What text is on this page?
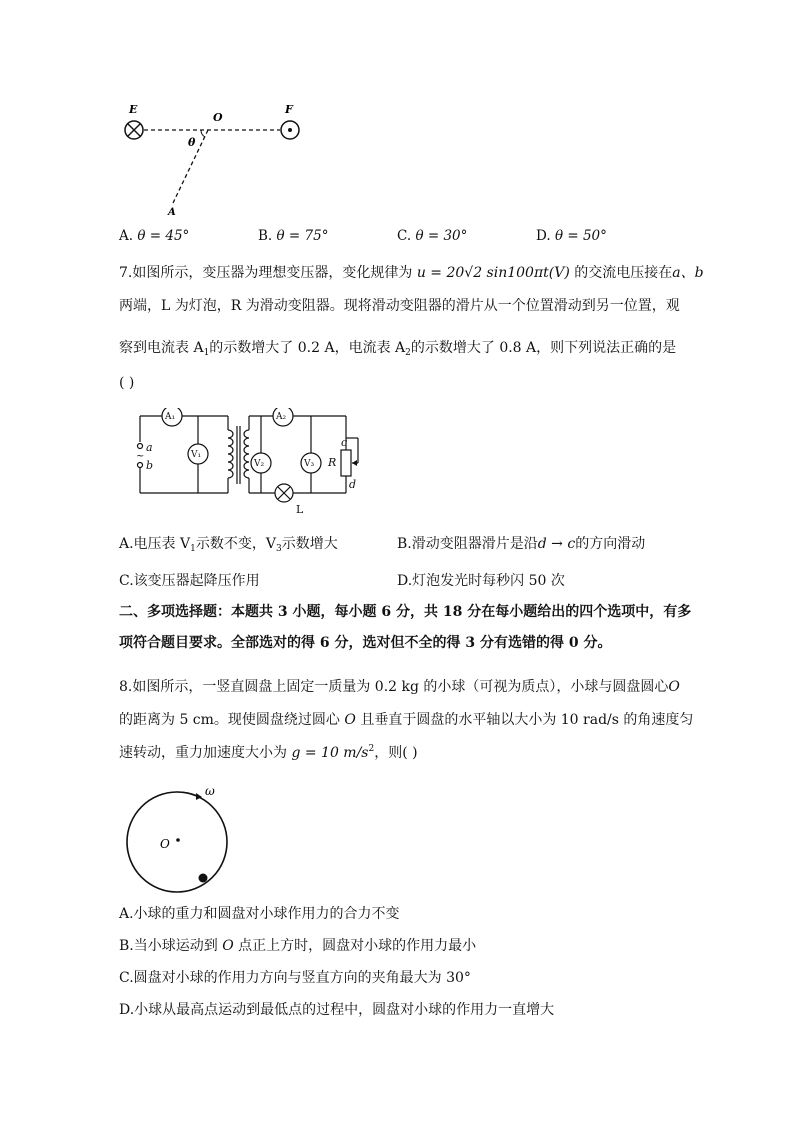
E
O
F
θ
A
A. θ = 45°	B. θ = 75°	C. θ = 30°	D. θ = 50°
7.如图所示，变压器为理想变压器，变化规律为 u = 20√2 sin100πt(V) 的交流电压接在a、b
两端，L 为灯泡，R 为滑动变阻器。现将滑动变阻器的滑片从一个位置滑动到另一位置，观
察到电流表 $A_1$的示数增大了 0.2 A，电流表 $A_2$的示数增大了 0.8 A，则下列说法正确的是
( )
A₁
V₁
A₂
V₂	V₃
a
~
b
c
R
d
L
A.电压表 $V_1$示数不变，$V_3$示数增大	B.滑动变阻器滑片是沿d → c的方向滑动
C.该变压器起降压作用	D.灯泡发光时每秒闪 50 次
二、多项选择题：本题共 3 小题，每小题 6 分，共 18 分在每小题给出的四个选项中，有多
项符合题目要求。全部选对的得 6 分，选对但不全的得 3 分有选错的得 0 分。
8.如图所示，一竖直圆盘上固定一质量为 0.2 kg 的小球（可视为质点），小球与圆盘圆心O
的距离为 5 cm。现使圆盘绕过圆心 O 且垂直于圆盘的水平轴以大小为 10 rad/s 的角速度匀
速转动，重力加速度大小为 g = 10 $m/s^2$，则( )
ω
O
A.小球的重力和圆盘对小球作用力的合力不变
B.当小球运动到 O 点正上方时，圆盘对小球的作用力最小
C.圆盘对小球的作用力方向与竖直方向的夹角最大为 30°
D.小球从最高点运动到最低点的过程中，圆盘对小球的作用力一直增大
